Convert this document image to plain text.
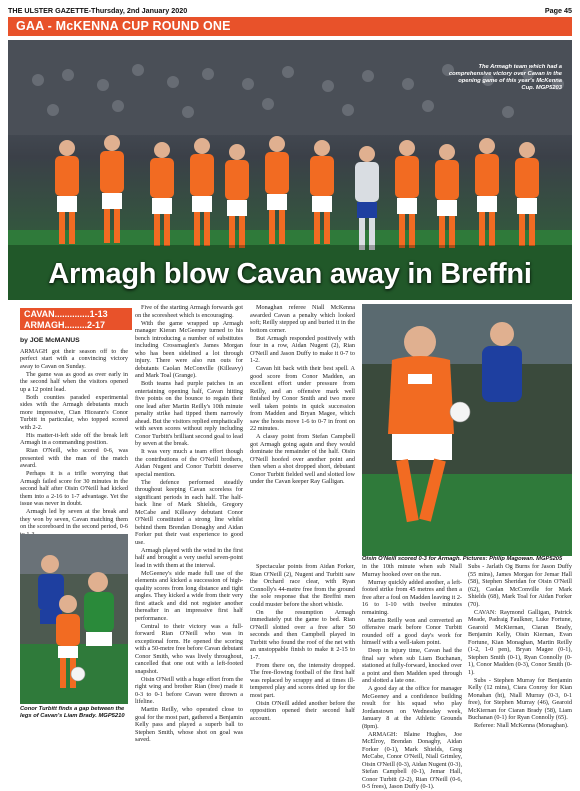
THE ULSTER GAZETTE-Thursday, 2nd January 2020	Page 45
GAA - McKENNA CUP ROUND ONE
The Armagh team which had a comprehensive victory over Cavan in the opening game of this year's McKenna Cup. MGP5203
Armagh blow Cavan away in Breffni
CAVAN..............1-13
ARMAGH.........2-17
by JOE McMANUS

ARMAGH got their season off to the perfect start with a convincing victory away to Cavan on Sunday.

The game was as good as over early in the second half when the visitors opened up a 12 point lead.

Both counties paraded experimental sides with the Armagh debutants much more impressive, Cian Hiceann's Conor Turbitt in particular, who topped scored with 2-2.

His matter-it-left side off the break left Armagh in a commanding position.

Rian O'Neill, who scored 0-6, was presented with the man of the match award.

Perhaps it is a trifle worrying that Armagh failed score for 30 minutes in the second half after Oisin O'Neill had kicked them into a 2-16 to 1-7 advantage. Yet the issue was never in doubt.

Armagh led by seven at the break and they won by seven, Cavan matching them on the scoreboard in the second period, 0-6

Five of the starting Armagh forwards got on the scoresheet which is encouraging.

With the game wrapped up Armagh manager Kieran McGeeney turned to his bench introducing a number of substitutes including Crossmaglen's James Morgan who has been sidelined a lot through injury. There were also run outs for debutants Caolan McConville (Killeavy) and Mark Toal (Grange).

Both teams had purple patches in an entertaining opening half, Cavan hitting five points on the bounce to regain their one lead after Martin Reilly's 10th minute penalty strike had tipped them narrowly ahead. But the visitors replied emphatically with seven scores without reply including Conor Turbitt's brilliant second goal to lead by seven at the break.

It was very much a team effort though the contributions of the O'Neill brothers, Aidan Nugent and Conor Turbitt deserve special mention.

The defence performed steadily throughout keeping Cavan scoreless for significant periods in each half. The half-back line of Mark Shields, Gregory McCabe and Killeavy debutant Conor O'Neill constituted a strong line whilst behind them Brendan Donaghy and Aidan Forker put their vast experience to good use.

Armagh played with the wind in the first half and brought a very useful seven-point lead in with them at the interval.

McGeeney's side made full use of the elements and kicked a succession of high-quality scores from long distance and tight angles. They kicked a wide from their very first attack and did not register another thereafter in an impressive first half performance.

Central to their victory was a full-forward Rian O'Neill who was in exceptional form. He opened the scoring with a 50-metre free before Cavan debutant Conor Smith, who was lively throughout, cancelled that one out with a left-footed snapshot.

Oisin O'Neill with a huge effort from the right wing and brother Rian (free) made it 0-3 to 0-1 before Cavan were thrown a lifeline.

Martin Reilly, who operated close to goal for the most part, gathered a Benjamin Kelly pass and played a superb ball to Stephen Smith, whose shot on goal was saved.

Monaghan referee Niall McKenna awarded Cavan a penalty which looked soft; Reilly stepped up and buried it in the bottom corner.

But Armagh responded positively with four in a row, Aidan Nugent (2), Rian O'Neill and Jason Duffy to make it 0-7 to 1-2.

Cavan hit back with their best spell. A good score from Conor Madden, an excellent effort under pressure from Reilly, and an offensive mark well finished by Conor Smith and two more well taken points in quick succession from Madden and Bryan Magee, which saw the hosts move 1-6 to 0-7 in front on 22 minutes.

A classy point from Stefan Campbell got Armagh going again and they would dominate the remainder of the half. Oisin O'Neill hoofed over another point and then when a shot dropped short, debutant Conor Turbitt fielded well and slotted low under the Cavan keeper Ray Galligan.

Spectacular points from Aidan Forker, Rian O'Neill (2), Nugent and Turbitt saw the Orchard race clear, with Ryan Connolly's 44-metre free from the ground the sole response that the Breffni men could muster before the short whistle.

On the resumption Armagh immediately put the game to bed. Rian O'Neill slotted over a free after 50 seconds and then Campbell played in Turbitt who found the roof of the net with an unstoppable finish to make it 2-15 to 1-7.

From there on, the intensity dropped. The free-flowing football of the first half was replaced by scrappy and at times ill-tempered play and scores dried up for the most part.

Oisin O'Neill added another before the opposition opened their second half account.

Oisin O'Neill scored 0-3 for Armagh. Pictures: Philip Magowan. MGP5205

in the 10th minute when sub Niall Murray hooked over on the run.

Murray quickly added another, a left-footed strike from 45 metres and then a free after a foul on Madden leaving it 2-16 to 1-10 with twelve minutes remaining.

Martin Reilly won and converted an offensive mark before Conor Turbitt rounded off a good day's work for himself with a well-taken point.

Deep in injury time, Cavan had the final say when sub Liam Buchanan, stationed at fully-forward, knocked over a point and then Madden sped through and slotted a late one.

A good day at the office for manager McGeeney and a confidence building result for his squad who play Jordanstown on Wednesday week, January 8 at the Athletic Grounds (8pm).

ARMAGH: Blaine Hughes, Joe McElroy, Brendan Donaghy, Aidan Forker (0-1), Mark Shields, Greg McCabe, Conor O'Neill, Niall Grimley, Oisin O'Neill (0-3), Aidan Nugent (0-3), Stefan Campbell (0-1), Jemar Hall, Conor Turbitt (2-2), Rian O'Neill (0-6, 0-5 frees), Jason Duffy (0-1).

Subs - Jarlath Og Burns for Jason Duffy (55 mins), James Morgan for Jemar Hall (58), Stephen Sheridan for Oisin O'Neill (62), Caolan McConville for Mark Shields (68), Mark Toal for Aidan Forker (70).

CAVAN: Raymond Galligan, Patrick Meade, Padraig Faulkner, Luke Fortune, Gearoid McKiernan, Ciaran Brady, Benjamin Kelly, Oisin Kiernan, Evan Fortune, Kian Monaghan, Martin Reilly (1-2, 1-0 pen), Bryan Magee (0-1), Stephen Smith (0-1), Ryan Connolly (0-1), Conor Madden (0-3), Conor Smith (0-1).

Subs - Stephen Murray for Benjamin Kelly (12 mins), Ciara Conroy for Kian Monahan (ht), Niall Murray (0-3, 0-1 free), for Stephen Murray (46), Gearoid McKiernan for Ciaran Brady (58), Liam Buchanan (0-1) for Ryan Connolly (65).

Referee: Niall McKenna (Monaghan).

Conor Turbitt finds a gap between the legs of Cavan's Liam Brady. MGP5210
